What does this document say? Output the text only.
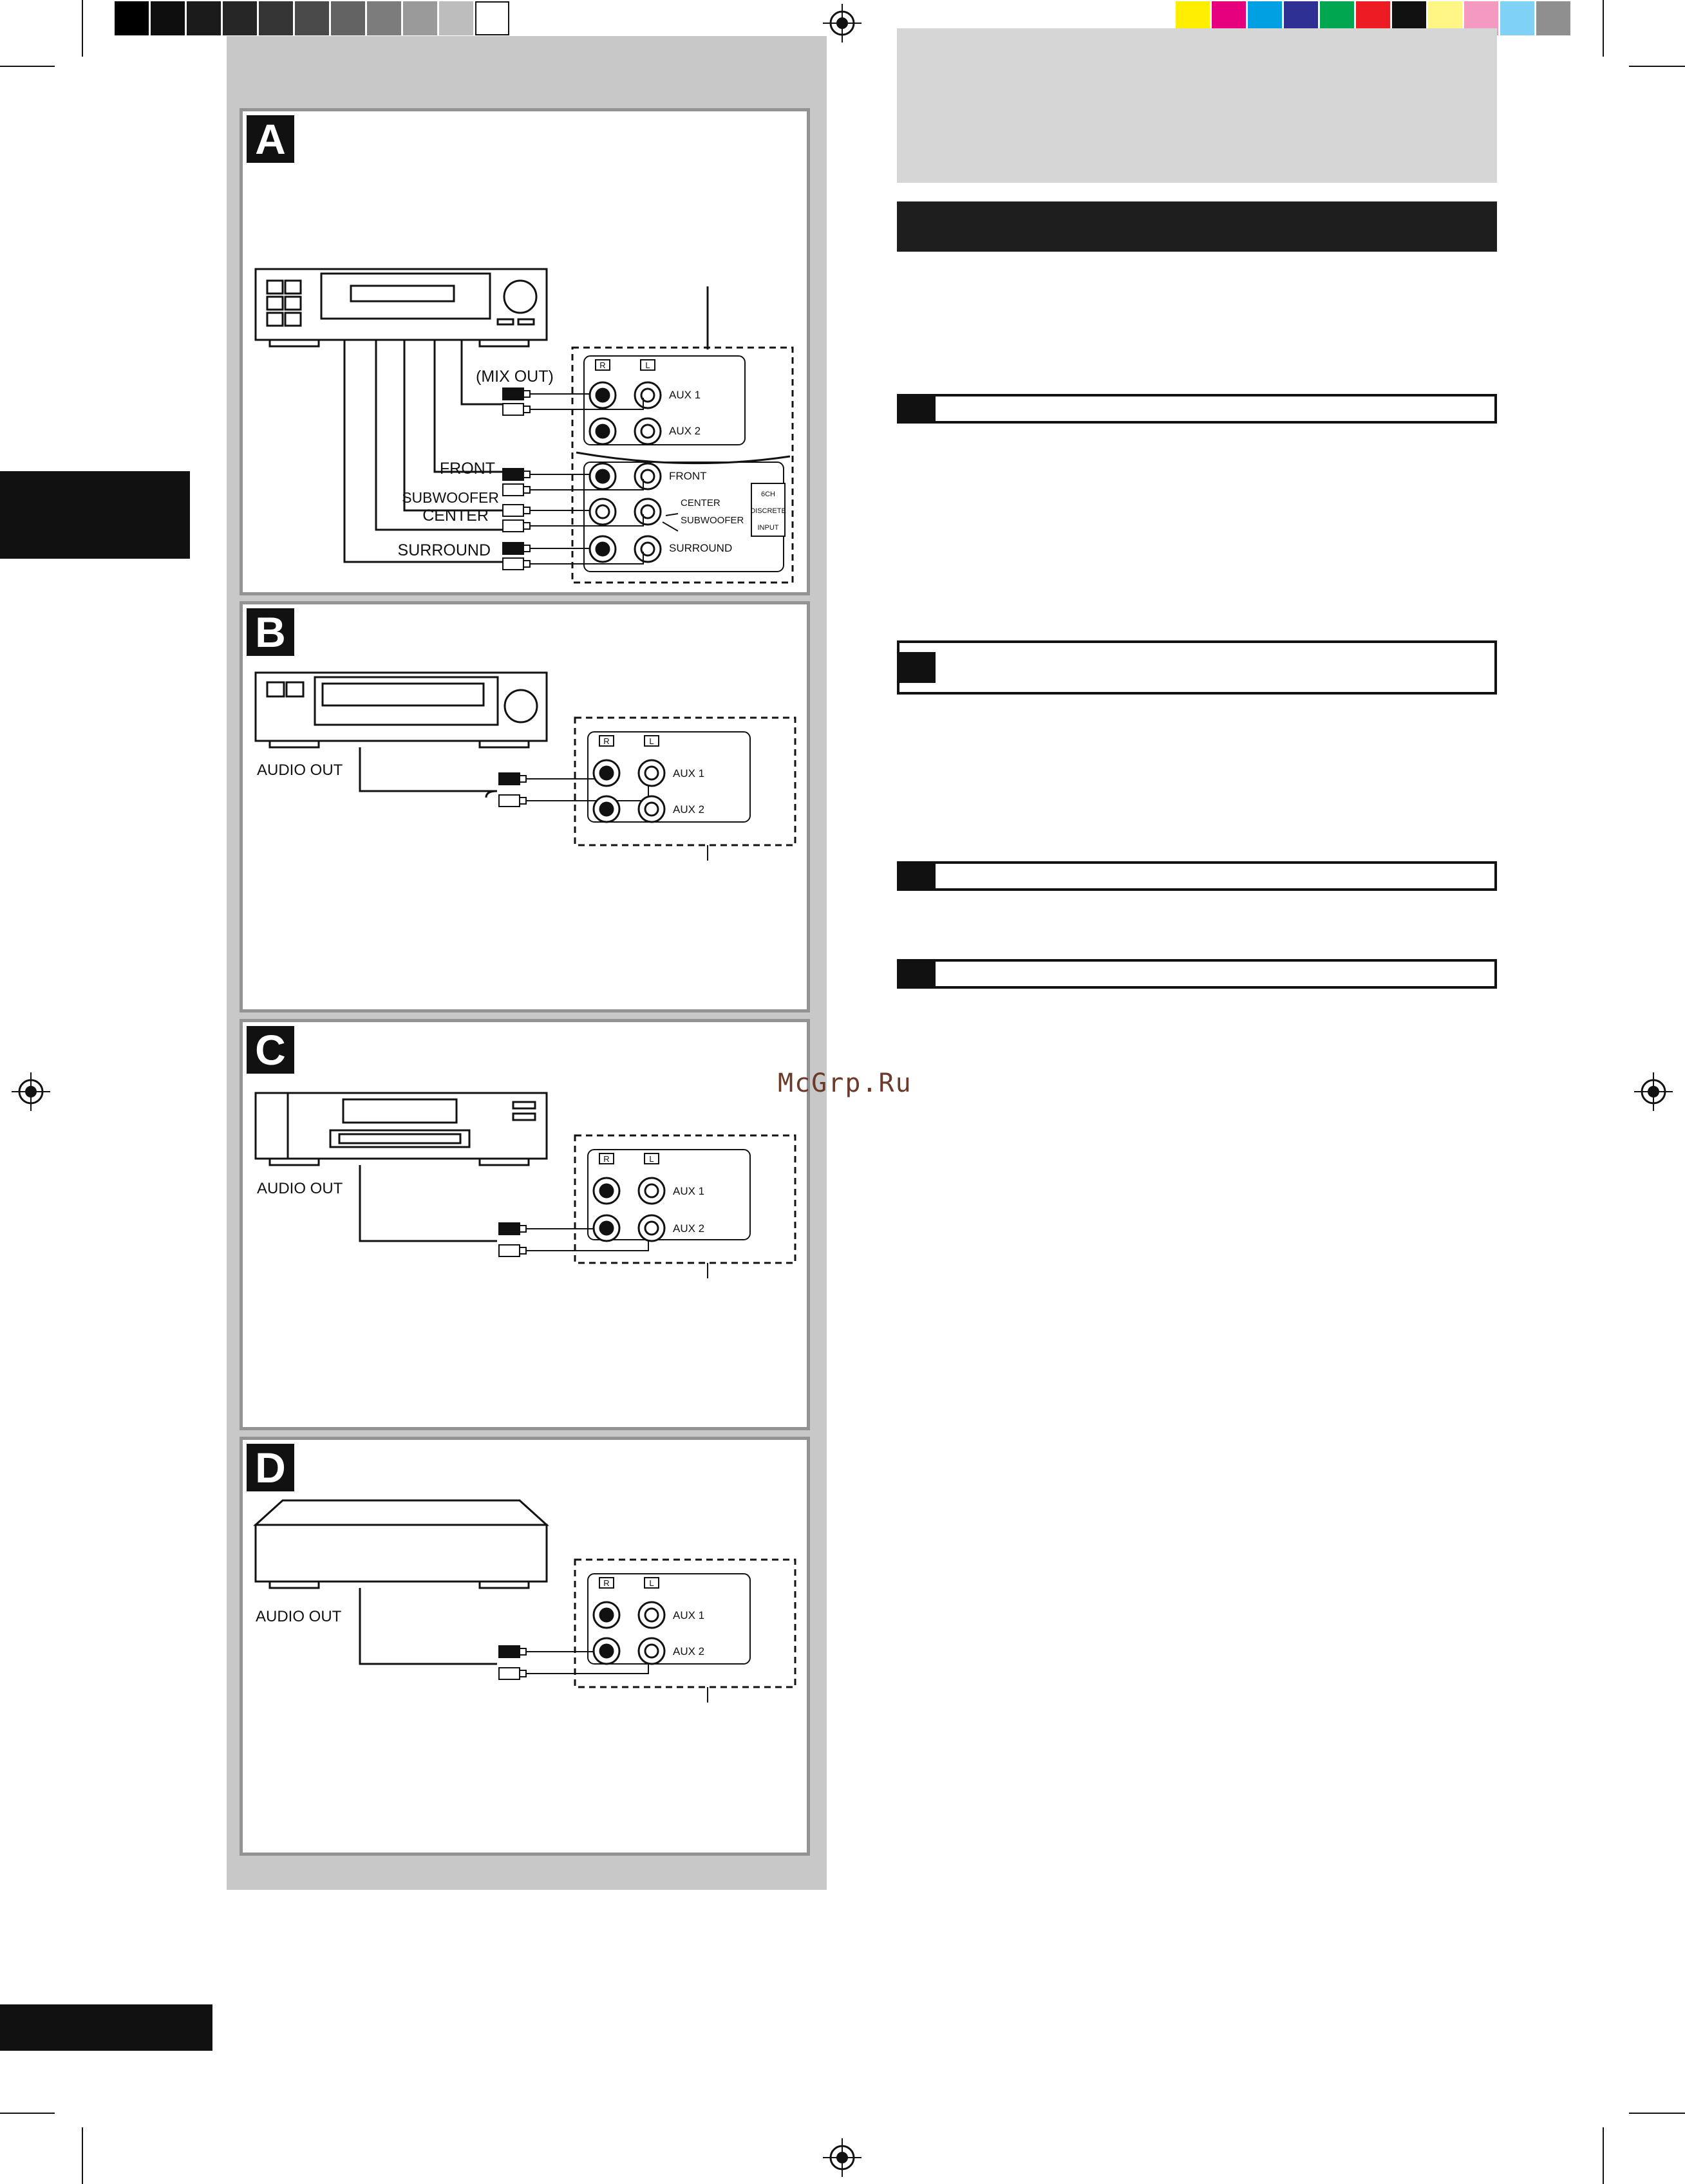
A
R	L
AUX 1
AUX 2
FRONT
CENTER
SUBWOOFER
SURROUND
6CH
DISCRETE
INPUT
(MIX OUT)
FRONT
SUBWOOFER
CENTER
SURROUND
B
AUDIO OUT
R	L
AUX 1
AUX 2
C
AUDIO OUT
R	L
AUX 1
AUX 2
D
AUDIO OUT
R	L
AUX 1
AUX 2
McGrp.Ru
